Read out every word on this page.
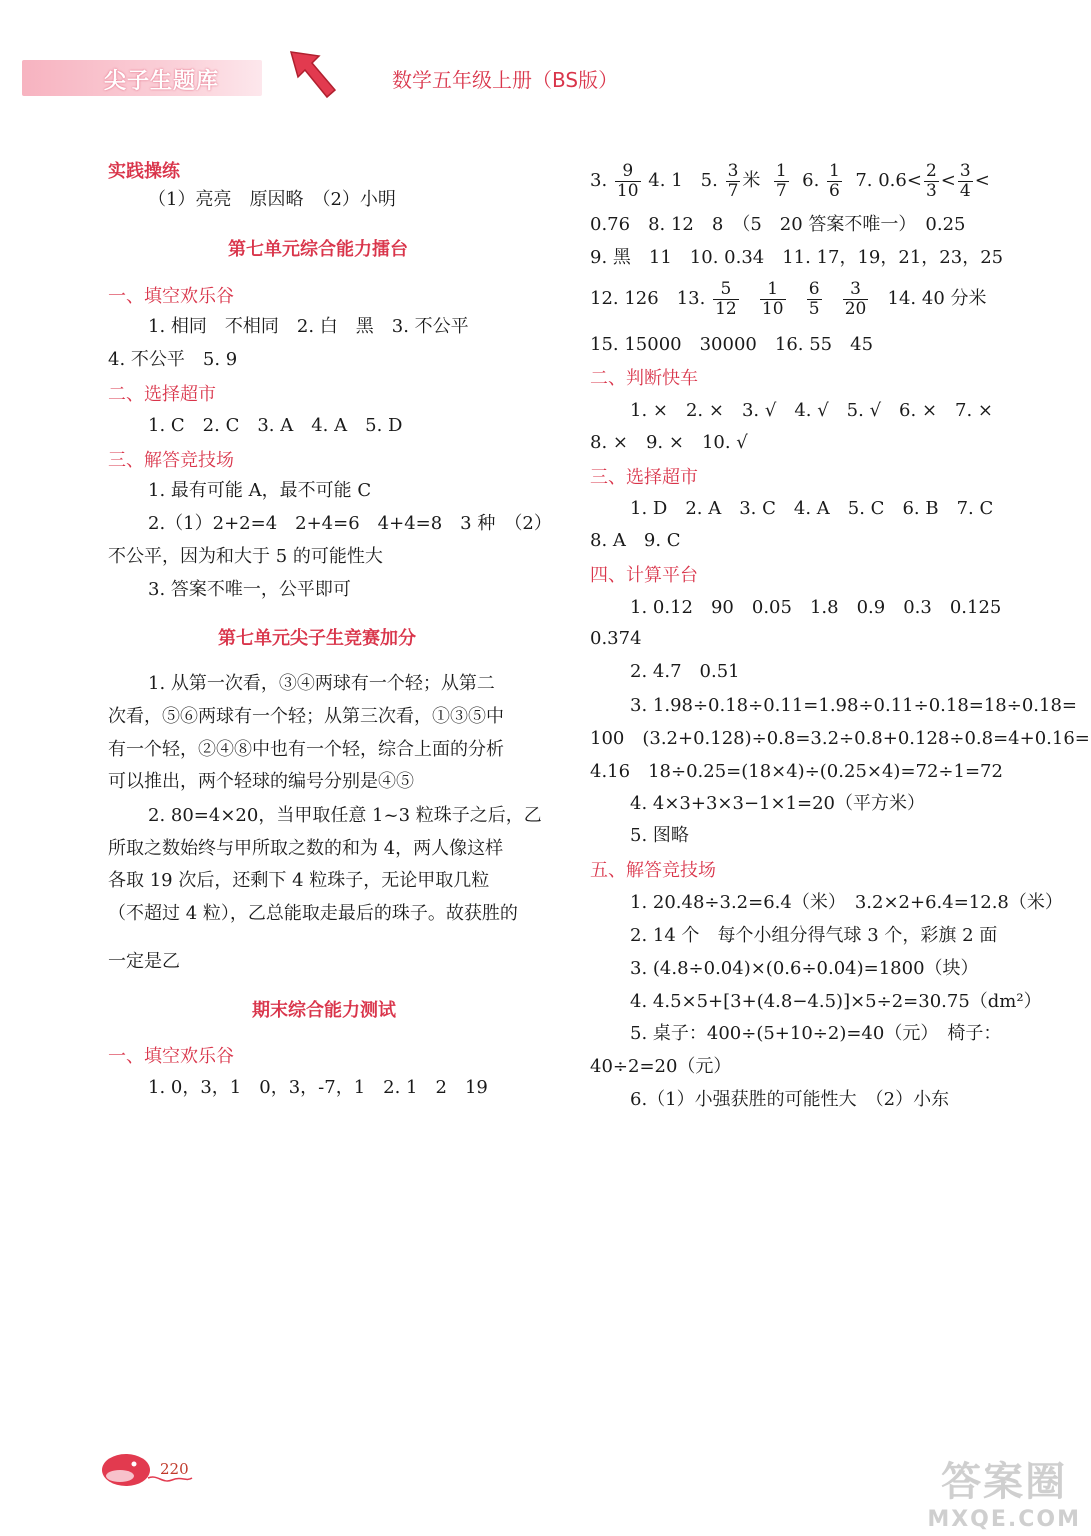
尖子生题库	数学五年级上册（BS版）
实践操练
（1）亮亮　原因略　（2）小明
第七单元综合能力擂台
一、填空欢乐谷
1. 相同　不相同　2. 白　黑　3. 不公平
4. 不公平　5. 9
二、选择超市
1. C　2. C　3. A　4. A　5. D
三、解答竞技场
1. 最有可能 A，最不可能 C
2.（1）2+2=4　2+4=6　4+4=8　3 种　（2）
不公平，因为和大于 5 的可能性大
3. 答案不唯一，公平即可
第七单元尖子生竞赛加分
1. 从第一次看，③④两球有一个轻；从第二
次看，⑤⑥两球有一个轻；从第三次看，①③⑤中
有一个轻，②④⑧中也有一个轻，综合上面的分析
可以推出，两个轻球的编号分别是④⑤
2. 80=4×20，当甲取任意 1~3 粒珠子之后，乙
所取之数始终与甲所取之数的和为 4，两人像这样
各取 19 次后，还剩下 4 粒珠子，无论甲取几粒
（不超过 4 粒），乙总能取走最后的珠子。故获胜的
一定是乙
期末综合能力测试
一、填空欢乐谷
1. 0，3，1　0，3，-7，1　2. 1　2　19
3. $\frac{9}{10} 4$. 1　5. $\frac{3}{7}$ 米 $\frac{1}{7} 6$. $\frac{1}{6} 7$. $0.6< \frac{2}{3} < \frac{3}{4}$ <
0.76　8. 12　8　（5　20 答案不唯一）　0.25
9. 黑　11　10. 0.34　11. 17，19，21，23，25
12. 126　13. $\frac{5}{12}$
$\frac{1}{10}$
$\frac{6}{5}$
$\frac{3}{20} 14$. 40 分米
15. 15000　30000　16. 55　45
二、判断快车
1. ×　2. ×　3. √　4. √　5. √　6. ×　7. ×
8. ×　9. ×　10. √
三、选择超市
1. D　2. A　3. C　4. A　5. C　6. B　7. C
8. A　9. C
四、计算平台
1. 0.12　90　0.05　1.8　0.9　0.3　0.125
0.374
2. 4.7　0.51
3. 1.98÷0.18÷0.11=1.98÷0.11÷0.18=18÷0.18=
100　(3.2+0.128)÷0.8=3.2÷0.8+0.128÷0.8=4+0.16=
4.16　18÷0.25=(18×4)÷(0.25×4)=72÷1=72
4. 4×3+3×3−1×1=20（平方米）
5. 图略
五、解答竞技场
1. 20.48÷3.2=6.4（米）　3.2×2+6.4=12.8（米）
2. 14 个　每个小组分得气球 3 个，彩旗 2 面
3. (4.8÷0.04)×(0.6÷0.04)=1800（块）
4. 4.5×5+[3+(4.8−4.5)]×5÷2=30.75（dm²）
5. 桌子：400÷(5+10÷2)=40（元）　椅子：
40÷2=20（元）
6.（1）小强获胜的可能性大　（2）小东
220	答案圈
MXQE.COM
